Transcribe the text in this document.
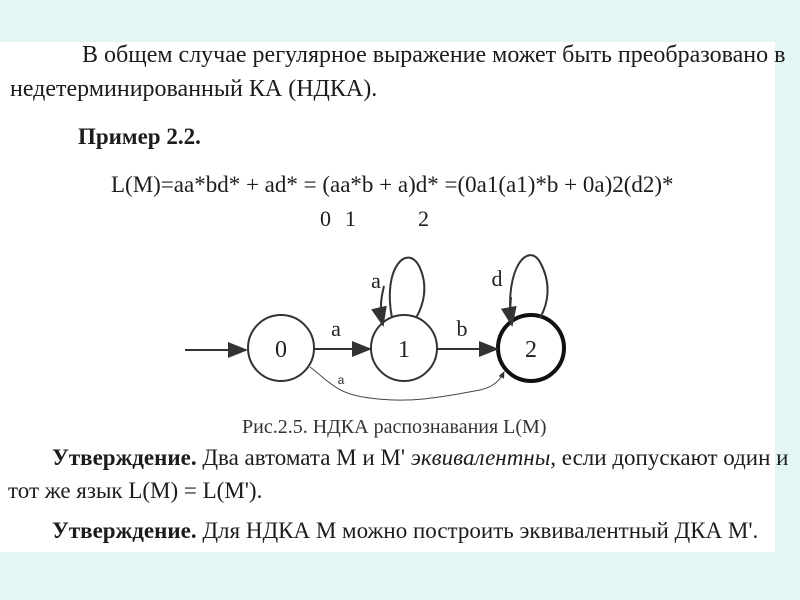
В общем случае регулярное выражение может быть преобразовано в
недетерминированный КА (НДКА).
Пример 2.2.
L(M)=aa*bd* + ad* = (aa*b + a)d* =(0a1(a1)*b + 0a)2(d2)*
0 1	2
0	1	2
a	b
a	d
a
Рис.2.5. НДКА распознавания L(M)
Утверждение. Два автомата M и M' эквивалентны, если допускают один и
тот же язык L(M) = L(M').
Утверждение. Для НДКА M можно построить эквивалентный ДКА M'.
